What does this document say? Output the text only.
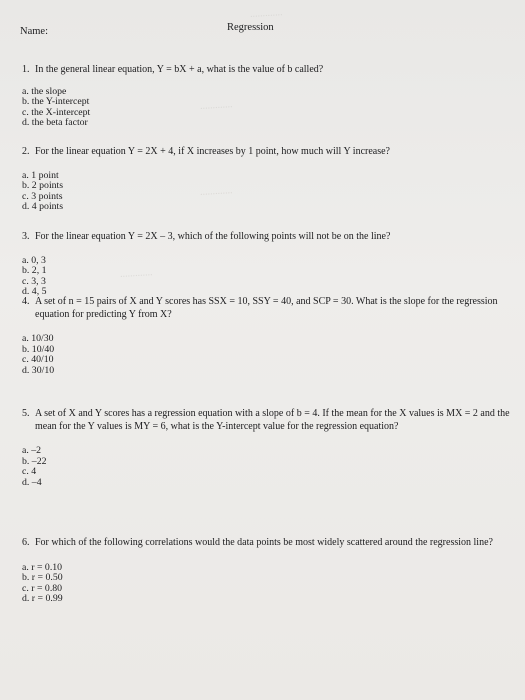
.............
.............
.............
.............
Name:	Regression
1. In the general linear equation, Y = bX + a, what is the value of b called?
a. the slope
b. the Y-intercept
c. the X-intercept
d. the beta factor
2. For the linear equation Y = 2X + 4, if X increases by 1 point, how much will Y increase?
a. 1 point
b. 2 points
c. 3 points
d. 4 points
3. For the linear equation Y = 2X – 3, which of the following points will not be on the line?
a. 0, 3
b. 2, 1
c. 3, 3
d. 4, 5
4. A set of n = 15 pairs of X and Y scores has SSX = 10, SSY = 40, and SCP = 30. What is the slope for the regression equation for predicting Y from X?
a. 10/30
b. 10/40
c. 40/10
d. 30/10
5. A set of X and Y scores has a regression equation with a slope of b = 4. If the mean for the X values is MX = 2 and the mean for the Y values is MY = 6, what is the Y-intercept value for the regression equation?
a. –2
b. –22
c. 4
d. –4
6. For which of the following correlations would the data points be most widely scattered around the regression line?
a. r = 0.10
b. r = 0.50
c. r = 0.80
d. r = 0.99
